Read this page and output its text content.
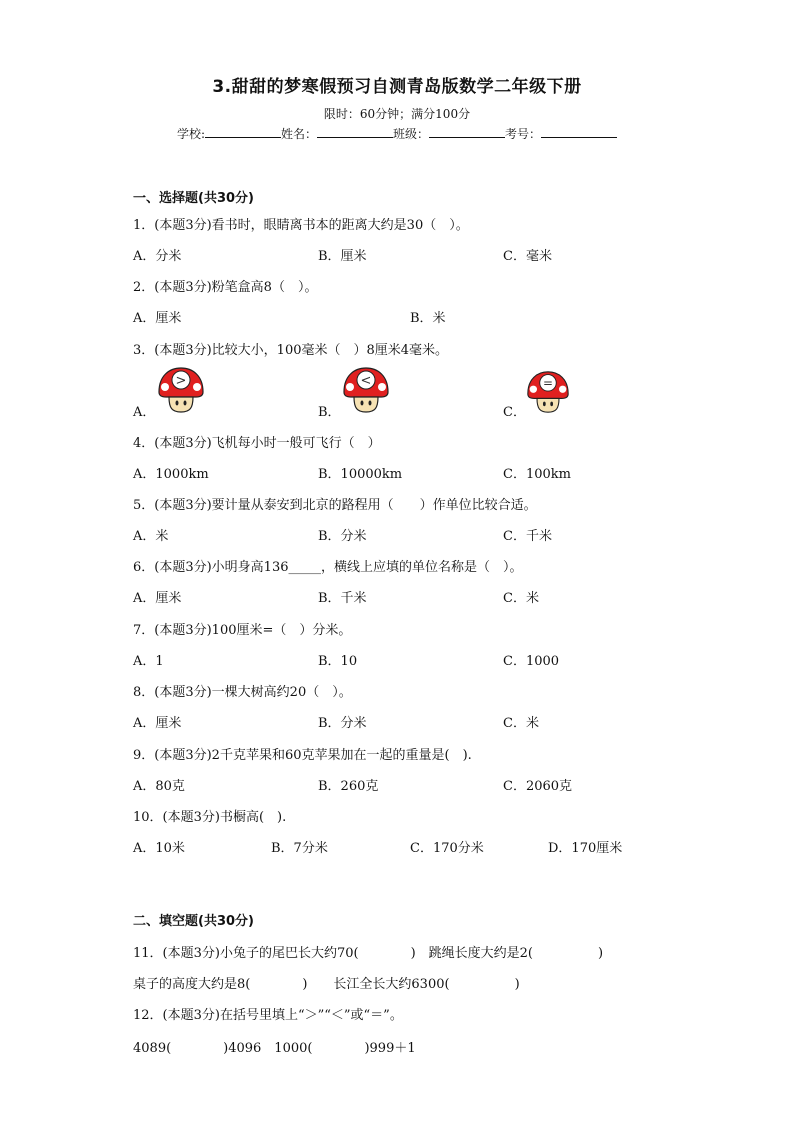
3.甜甜的梦寒假预习自测青岛版数学二年级下册
限时：60分钟；满分100分
学校:	姓名：	班级：	考号：
一、选择题(共30分)
1．(本题3分)看书时，眼睛离书本的距离大约是30（　）。
A．分米	B．厘米	C．毫米
2．(本题3分)粉笔盒高8（　）。
A．厘米	B．米
3．(本题3分)比较大小，100毫米（　）8厘米4毫米。
A．	B．	C．
>	<	=
4．(本题3分)飞机每小时一般可飞行（　）
A．1000km	B．10000km	C．100km
5．(本题3分)要计量从泰安到北京的路程用（　　）作单位比较合适。
A．米	B．分米	C．千米
6．(本题3分)小明身高136_____，横线上应填的单位名称是（　）。
A．厘米	B．千米	C．米
7．(本题3分)100厘米=（　）分米。
A．1	B．10	C．1000
8．(本题3分)一棵大树高约20（　）。
A．厘米	B．分米	C．米
9．(本题3分)2千克苹果和60克苹果加在一起的重量是(　).
A．80克	B．260克	C．2060克
10．(本题3分)书橱高(　).
A．10米	B．7分米	C．170分米	D．170厘米
二、填空题(共30分)
11．(本题3分)小兔子的尾巴长大约70(　　　　)　跳绳长度大约是2(　　　　　)
桌子的高度大约是8(　　　　)　　长江全长大约6300(　　　　　)
12．(本题3分)在括号里填上“＞”“＜”或“＝”。
4089(　　　　)4096　1000(　　　　)999＋1
